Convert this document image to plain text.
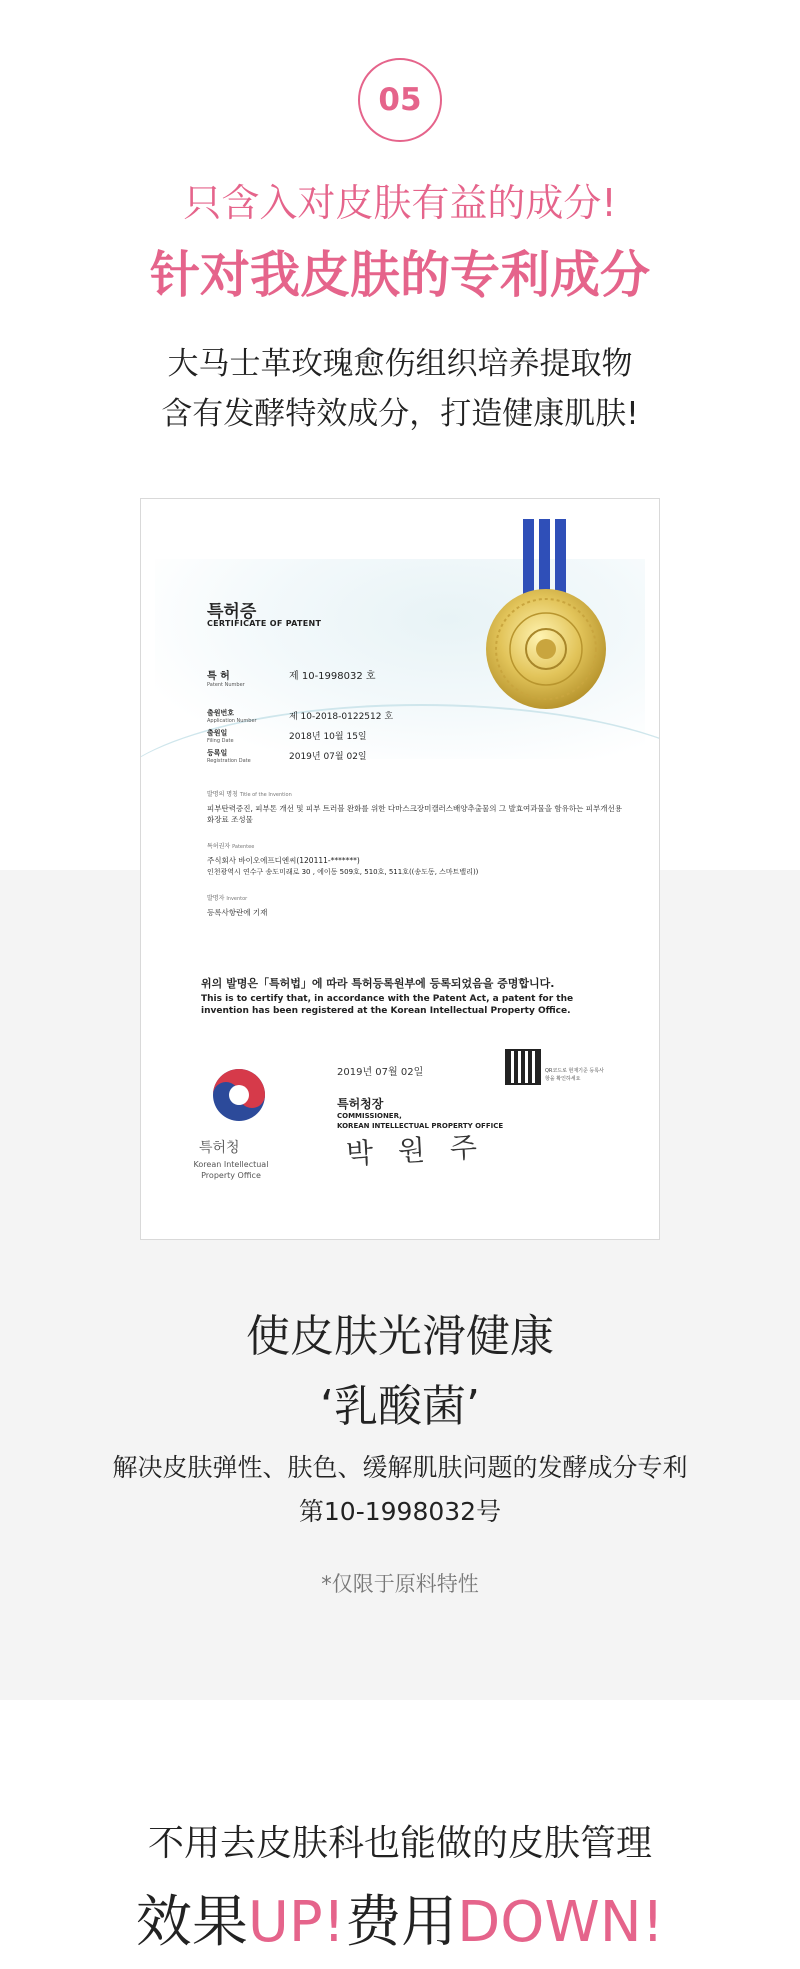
05
只含入对皮肤有益的成分!
针对我皮肤的专利成分
大马士革玫瑰愈伤组织培养提取物
含有发酵特效成分，打造健康肌肤!
특허증
CERTIFICATE OF PATENT
특 허
Patent Number
제 10-1998032 호
출원번호
Application Number	제 10-2018-0122512 호
출원일
Filing Date	2018년 10월 15일
등록일
Registration Date	2019년 07월 02일
발명의 명칭 Title of the Invention
피부탄력증진, 피부톤 개선 및 피부 트러블 완화를 위한 다마스크장미캘러스배양추출물의 그 발효여과물을 함유하는 피부개선용 화장료 조성물
특허권자 Patentee
주식회사 바이오에프디엔씨(120111-*******)
인천광역시 연수구 송도미래로 30 , 에이동 509호, 510호, 511호((송도동, 스마트밸리))
발명자 Inventor
등록사항란에 기재
위의 발명은「특허법」에 따라 특허등록원부에 등록되었음을 증명합니다.
This is to certify that, in accordance with the Patent Act, a patent for the invention has been registered at the Korean Intellectual Property Office.
2019년 07월 02일	QR코드로 현재기준 등록사항을 확인하세요
특허청장
COMMISSIONER,
KOREAN INTELLECTUAL PROPERTY OFFICE
박 원 주
특허청
Korean Intellectual Property Office
使皮肤光滑健康
‘乳酸菌’
解决皮肤弹性、肤色、缓解肌肤问题的发酵成分专利
第10-1998032号
*仅限于原料特性
不用去皮肤科也能做的皮肤管理
效果UP!费用DOWN!
